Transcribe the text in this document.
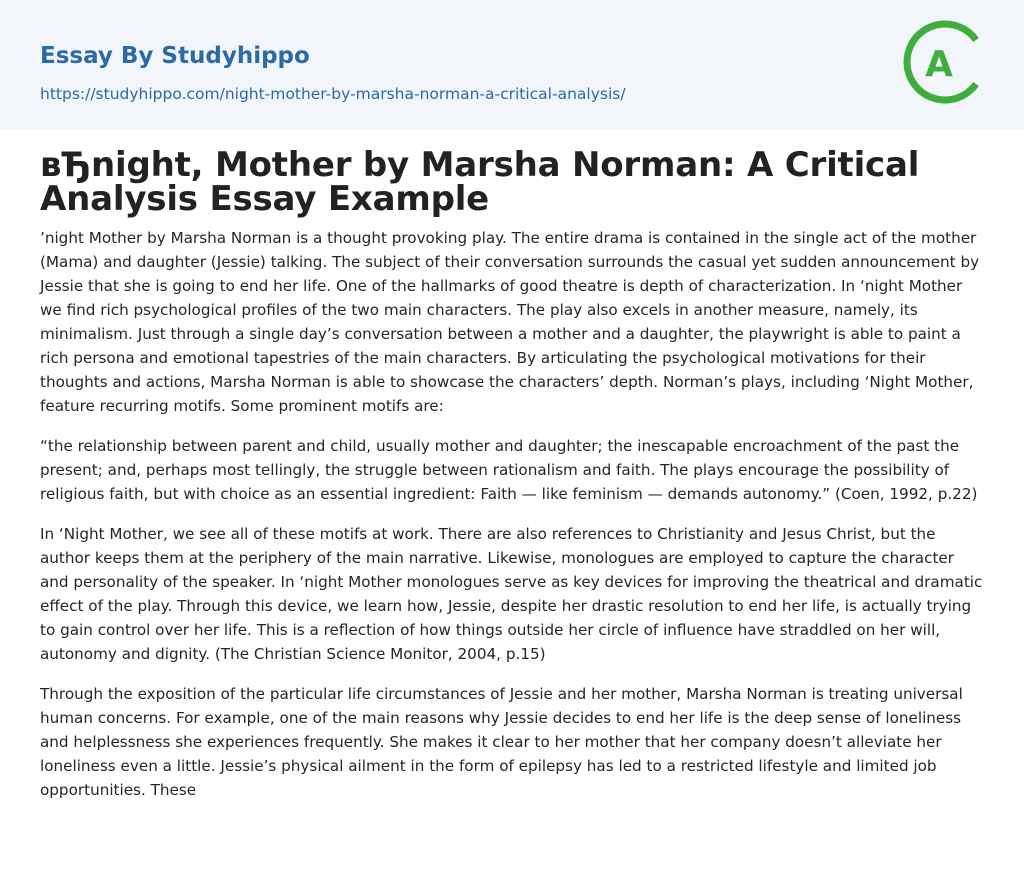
Essay By Studyhippo
https://studyhippo.com/night-mother-by-marsha-norman-a-critical-analysis/
A
вЂnight, Mother by Marsha Norman: A Critical Analysis Essay Example

’night Mother by Marsha Norman is a thought provoking play. The entire drama is contained in the single act of the mother (Mama) and daughter (Jessie) talking. The subject of their conversation surrounds the casual yet sudden announcement by Jessie that she is going to end her life. One of the hallmarks of good theatre is depth of characterization. In ‘night Mother we find rich psychological profiles of the two main characters. The play also excels in another measure, namely, its minimalism. Just through a single day’s conversation between a mother and a daughter, the playwright is able to paint a rich persona and emotional tapestries of the main characters. By articulating the psychological motivations for their thoughts and actions, Marsha Norman is able to showcase the characters’ depth. Norman’s plays, including ‘Night Mother, feature recurring motifs. Some prominent motifs are:

“the relationship between parent and child, usually mother and daughter; the inescapable encroachment of the past the present; and, perhaps most tellingly, the struggle between rationalism and faith. The plays encourage the possibility of religious faith, but with choice as an essential ingredient: Faith — like feminism — demands autonomy.” (Coen, 1992, p.22)

In ‘Night Mother, we see all of these motifs at work. There are also references to Christianity and Jesus Christ, but the author keeps them at the periphery of the main narrative. Likewise, monologues are employed to capture the character and personality of the speaker. In ‘night Mother monologues serve as key devices for improving the theatrical and dramatic effect of the play. Through this device, we learn how, Jessie, despite her drastic resolution to end her life, is actually trying to gain control over her life. This is a reflection of how things outside her circle of influence have straddled on her will, autonomy and dignity. (The Christian Science Monitor, 2004, p.15)

Through the exposition of the particular life circumstances of Jessie and her mother, Marsha Norman is treating universal human concerns. For example, one of the main reasons why Jessie decides to end her life is the deep sense of loneliness and helplessness she experiences frequently. She makes it clear to her mother that her company doesn’t alleviate her loneliness even a little. Jessie’s physical ailment in the form of epilepsy has led to a restricted lifestyle and limited job opportunities. These
